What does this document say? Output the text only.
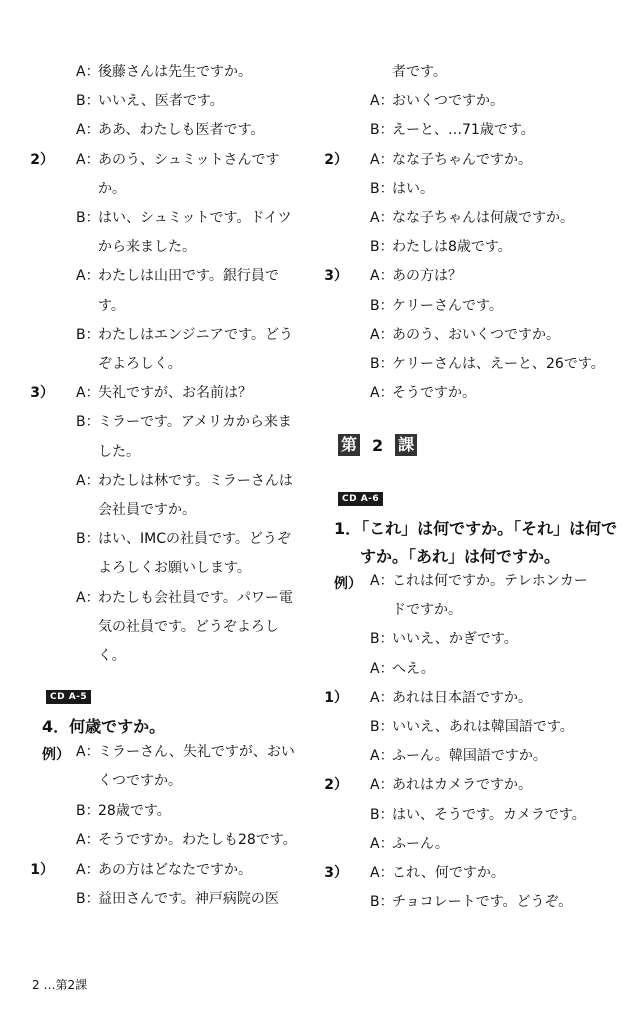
A：
後藤さんは先生ですか。
B：
いいえ、医者です。
A：
ああ、わたしも医者です。
2） A：
あのう、シュミットさんです
か。
B：
はい、シュミットです。ドイツ
から来ました。
A：
わたしは山田です。銀行員で
す。
B：
わたしはエンジニアです。どう
ぞよろしく。
3） A：
失礼ですが、お名前は？
B：
ミラーです。アメリカから来ま
した。
A：
わたしは林です。ミラーさんは
会社員ですか。
B：
はい、IMCの社員です。どうぞ
よろしくお願いします。
A：
わたしも会社員です。パワー電
気の社員です。どうぞよろし
く。
CD A-5
4．何歳ですか。
例） A：
ミラーさん、失礼ですが、おい
くつですか。
B：
28歳です。
A：
そうですか。わたしも28です。
1） A：
あの方はどなたですか。
B：
益田さんです。神戸病院の医
者です。
A：
おいくつですか。
B：
えーと、…71歳です。
2） A：
なな子ちゃんですか。
B：
はい。
A：
なな子ちゃんは何歳ですか。
B：
わたしは8歳です。
3） A：
あの方は？
B：
ケリーさんです。
A：
あのう、おいくつですか。
B：
ケリーさんは、えーと、26です。
A：
そうですか。
第 2 課
CD A-6
1．「これ」は何ですか。「それ」は何で
すか。「あれ」は何ですか。
例） A：
これは何ですか。テレホンカー
ドですか。
B：
いいえ、かぎです。
A：
へえ。
1） A：
あれは日本語ですか。
B：
いいえ、あれは韓国語です。
A：
ふーん。韓国語ですか。
2） A：
あれはカメラですか。
B：
はい、そうです。カメラです。
A：
ふーん。
3） A：
これ、何ですか。
B：
チョコレートです。どうぞ。
2 …第2課
